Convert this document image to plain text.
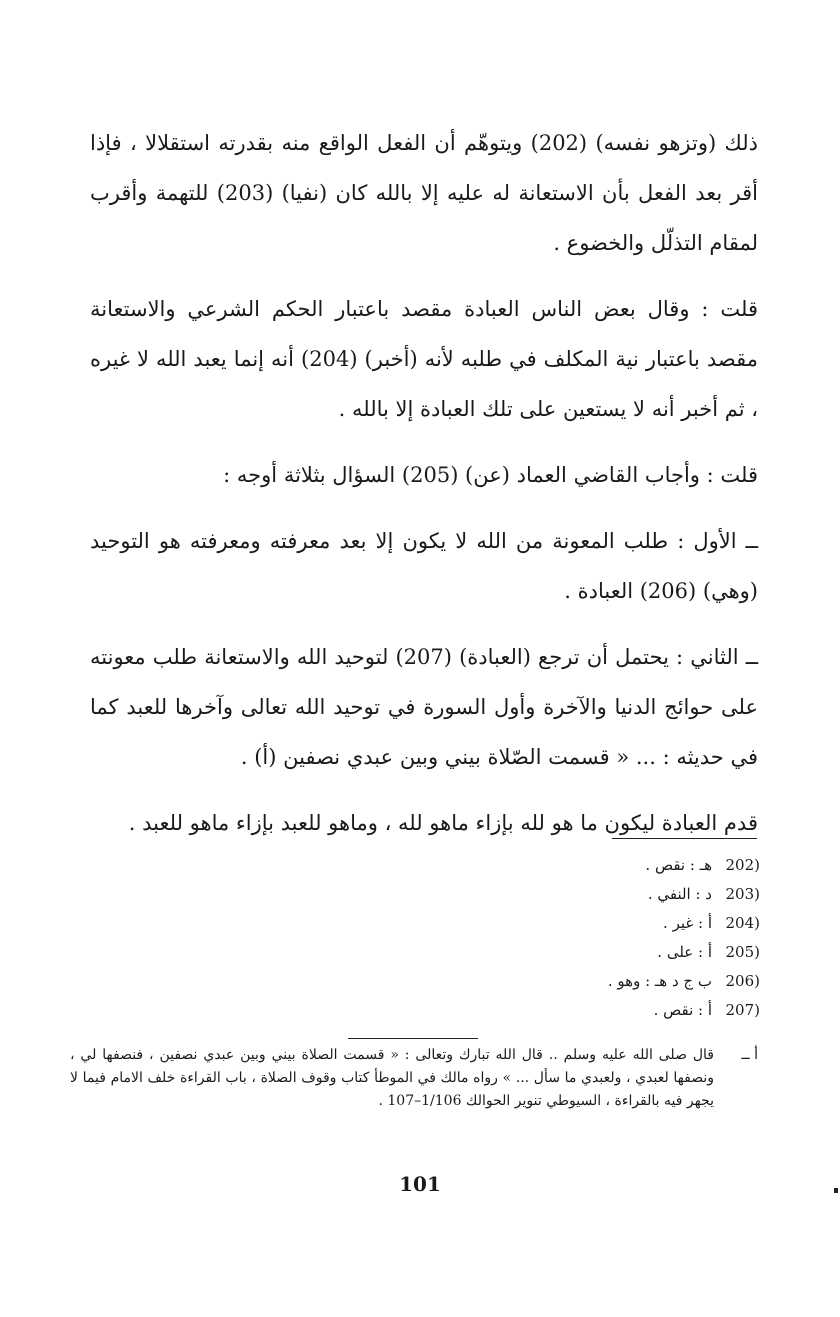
ذلك (وتزهو نفسه) (202) ويتوهّم أن الفعل الواقع منه بقدرته استقلالا ، فإذا أقر بعد الفعل بأن الاستعانة له عليه إلا بالله كان (نفيا) (203) للتهمة وأقرب لمقام التذلّل والخضوع .

قلت : وقال بعض الناس العبادة مقصد باعتبار الحكم الشرعي والاستعانة مقصد باعتبار نية المكلف في طلبه لأنه (أخبر) (204) أنه إنما يعبد الله لا غيره ، ثم أخبر أنه لا يستعين على تلك العبادة إلا بالله .

قلت : وأجاب القاضي العماد (عن) (205) السؤال بثلاثة أوجه :

ــ الأول : طلب المعونة من الله لا يكون إلا بعد معرفته ومعرفته هو التوحيد (وهي) (206) العبادة .

ــ الثاني : يحتمل أن ترجع (العبادة) (207) لتوحيد الله والاستعانة طلب معونته على حوائج الدنيا والآخرة وأول السورة في توحيد الله تعالى وآخرها للعبد كما في حديثه : ... « قسمت الصّلاة بيني وبين عبدي نصفين (أ) .

قدم العبادة ليكون ما هو لله بإزاء ماهو لله ، وماهو للعبد بإزاء ماهو للعبد .

(202
هـ : نقص .
(203
د : النفي .
(204
أ : غير .
(205
أ : على .
(206
ب ج د هـ : وهو .
(207
أ : نقص .
أ ــ
قال صلى الله عليه وسلم .. قال الله تبارك وتعالى : « قسمت الصلاة بيني وبين عبدي نصفين ، فنصفها لي ، ونصفها لعبدي ، ولعبدي ما سأل ... » رواه مالك في الموطأ كتاب وقوف الصلاة ، باب القراءة خلف الامام فيما لا يجهر فيه بالقراءة ، السيوطي تنوير الحوالك 1/106–107 .
101
